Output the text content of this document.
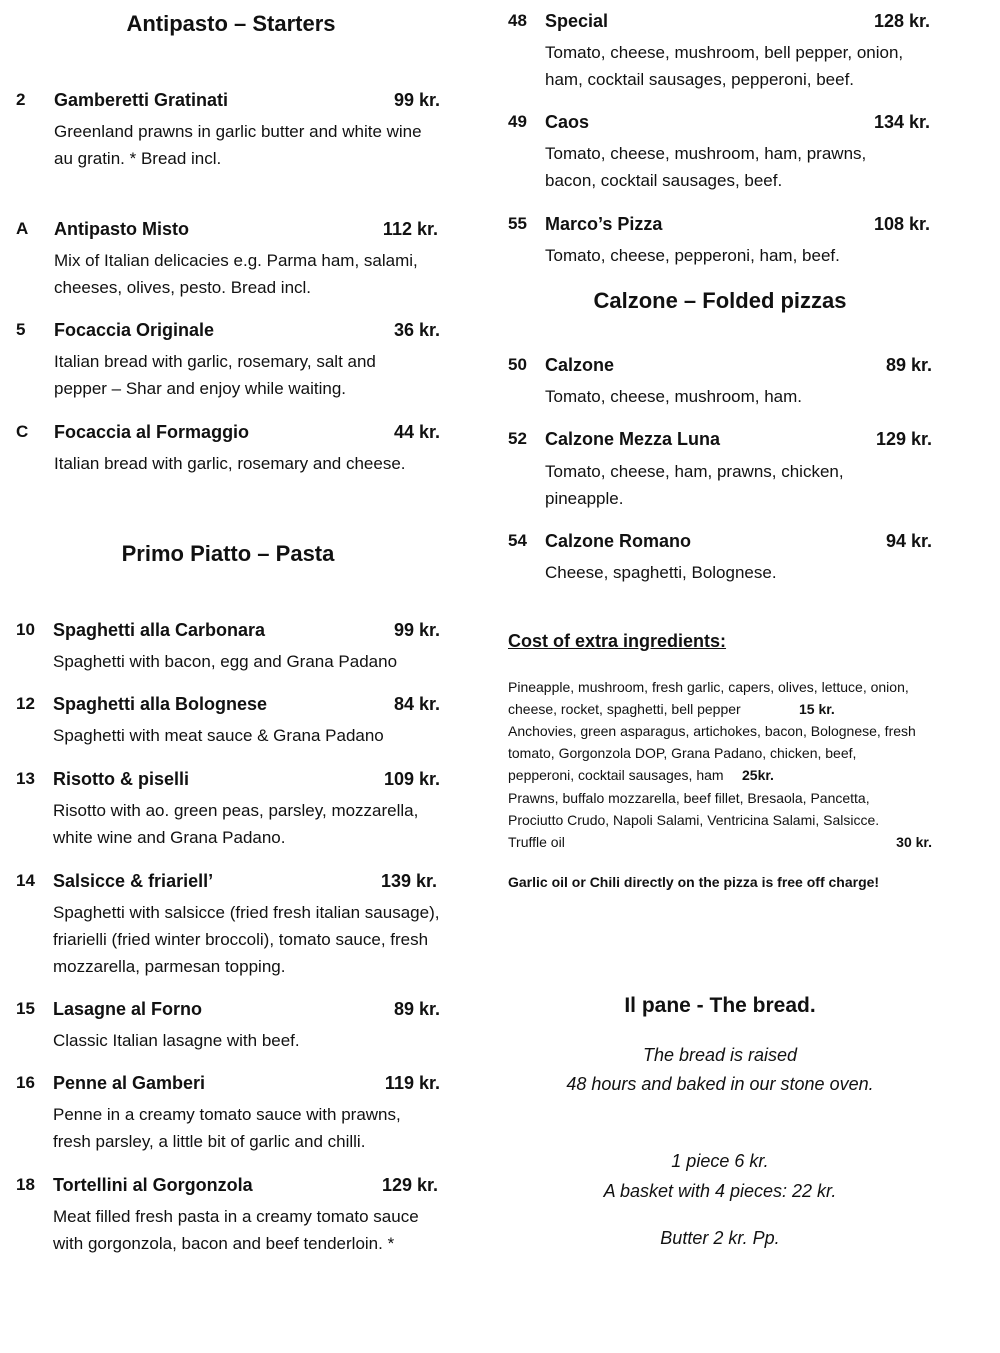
Antipasto – Starters
2 Gamberetti Gratinati	99 kr.
Greenland prawns in garlic butter and white wine au gratin. * Bread incl.
A Antipasto Misto	112 kr.
Mix of Italian delicacies e.g. Parma ham, salami, cheeses, olives, pesto. Bread incl.
5 Focaccia Originale	36 kr.
Italian bread with garlic, rosemary, salt and pepper – Shar and enjoy while waiting.
C Focaccia al Formaggio	44 kr.
Italian bread with garlic, rosemary and cheese.
Primo Piatto – Pasta
10 Spaghetti alla Carbonara	99 kr.
Spaghetti with bacon, egg and Grana Padano
12 Spaghetti alla Bolognese	84 kr.
Spaghetti with meat sauce & Grana Padano
13 Risotto & piselli	109 kr.
Risotto with ao. green peas, parsley, mozzarella, white wine and Grana Padano.
14 Salsicce & friariell’	139 kr.
Spaghetti with salsicce (fried fresh italian sausage), friarielli (fried winter broccoli), tomato sauce, fresh mozzarella, parmesan topping.
15 Lasagne al Forno	89 kr.
Classic Italian lasagne with beef.
16 Penne al Gamberi	119 kr.
Penne in a creamy tomato sauce with prawns, fresh parsley, a little bit of garlic and chilli.
18 Tortellini al Gorgonzola	129 kr.
Meat filled fresh pasta in a creamy tomato sauce with gorgonzola, bacon and beef tenderloin. *
48 Special	128 kr.
Tomato, cheese, mushroom, bell pepper, onion, ham, cocktail sausages, pepperoni, beef.
49 Caos	134 kr.
Tomato, cheese, mushroom, ham, prawns, bacon, cocktail sausages, beef.
55 Marco’s Pizza	108 kr.
Tomato, cheese, pepperoni, ham, beef.
Calzone – Folded pizzas
50 Calzone	89 kr.
Tomato, cheese, mushroom, ham.
52 Calzone Mezza Luna	129 kr.
Tomato, cheese, ham, prawns, chicken, pineapple.
54 Calzone Romano	94 kr.
Cheese, spaghetti, Bolognese.
Cost of extra ingredients:
Pineapple, mushroom, fresh garlic, capers, olives, lettuce, onion,
cheese, rocket, spaghetti, bell pepper	15 kr.
Anchovies, green asparagus, artichokes, bacon, Bolognese, fresh
tomato, Gorgonzola DOP, Grana Padano, chicken, beef,
pepperoni, cocktail sausages, ham 25kr.
Prawns, buffalo mozzarella, beef fillet, Bresaola, Pancetta,
Prociutto Crudo, Napoli Salami, Ventricina Salami, Salsicce.
Truffle oil	30 kr.
Garlic oil or Chili directly on the pizza is free off charge!
Il pane - The bread.
The bread is raised
48 hours and baked in our stone oven.
1 piece 6 kr.
A basket with 4 pieces: 22 kr.
Butter 2 kr. Pp.
